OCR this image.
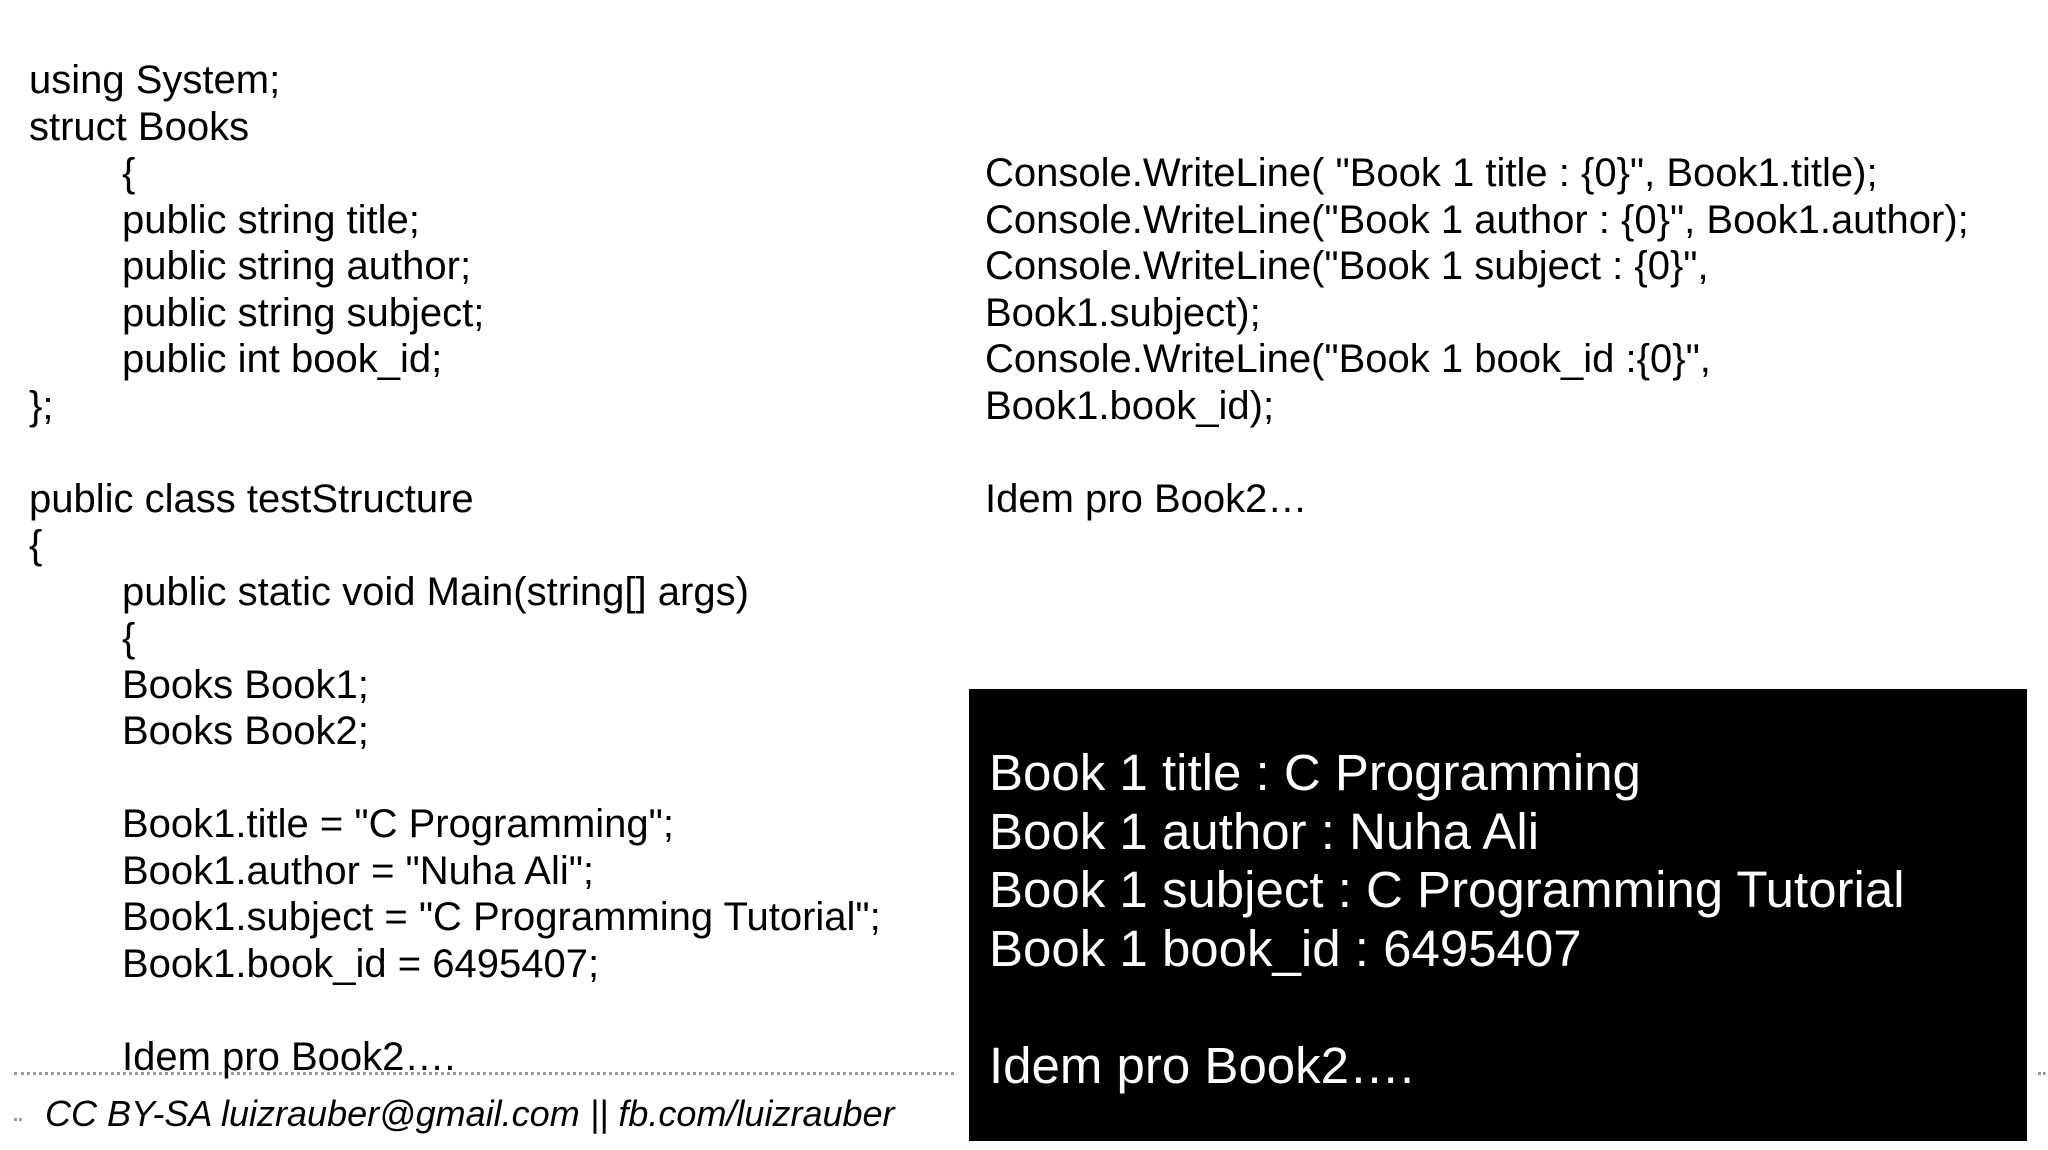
using System;
struct Books
{
public string title;
public string author;
public string subject;
public int book_id;
};
public class testStructure
{
public static void Main(string[] args)
{
Books Book1;
Books Book2;
Book1.title = "C Programming";
Book1.author = "Nuha Ali";
Book1.subject = "C Programming Tutorial";
Book1.book_id = 6495407;
Idem pro Book2….
Console.WriteLine( "Book 1 title : {0}", Book1.title);
Console.WriteLine("Book 1 author : {0}", Book1.author);
Console.WriteLine("Book 1 subject : {0}",
Book1.subject);
Console.WriteLine("Book 1 book_id :{0}",
Book1.book_id);
Idem pro Book2…
Book 1 title : C Programming
Book 1 author : Nuha Ali
Book 1 subject : C Programming Tutorial
Book 1 book_id : 6495407
Idem pro Book2….
CC BY-SA luizrauber@gmail.com || fb.com/luizrauber
